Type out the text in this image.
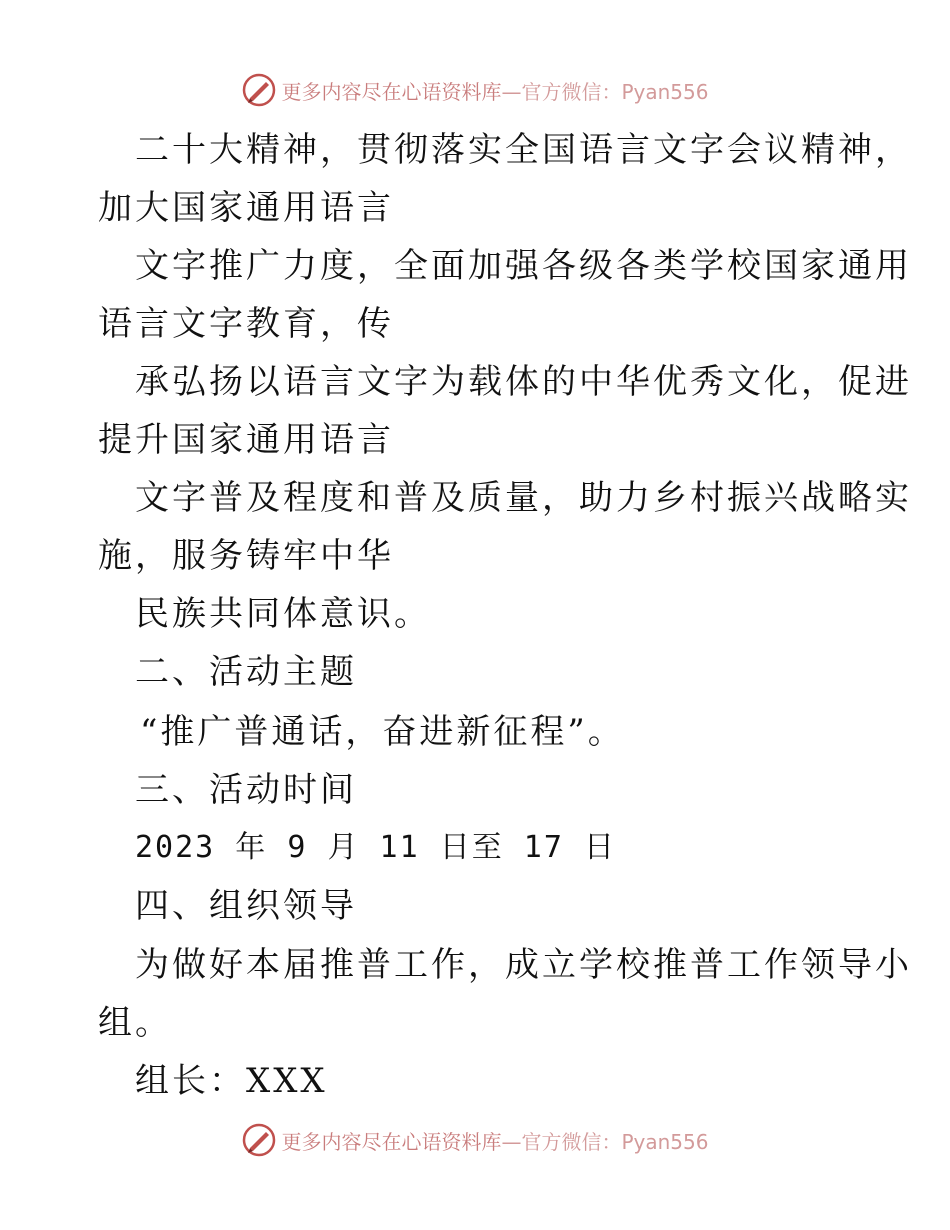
更多内容尽在心语资料库—官方微信：Pyan556
二十大精神，贯彻落实全国语言文字会议精神，
加大国家通用语言
文字推广力度，全面加强各级各类学校国家通用
语言文字教育，传
承弘扬以语言文字为载体的中华优秀文化，促进
提升国家通用语言
文字普及程度和普及质量，助力乡村振兴战略实
施，服务铸牢中华
民族共同体意识。
二、活动主题
“推广普通话，奋进新征程”。
三、活动时间
2023 年 9 月 11 日至 17 日
四、组织领导
为做好本届推普工作，成立学校推普工作领导小
组。
组长：XXX
更多内容尽在心语资料库—官方微信：Pyan556
